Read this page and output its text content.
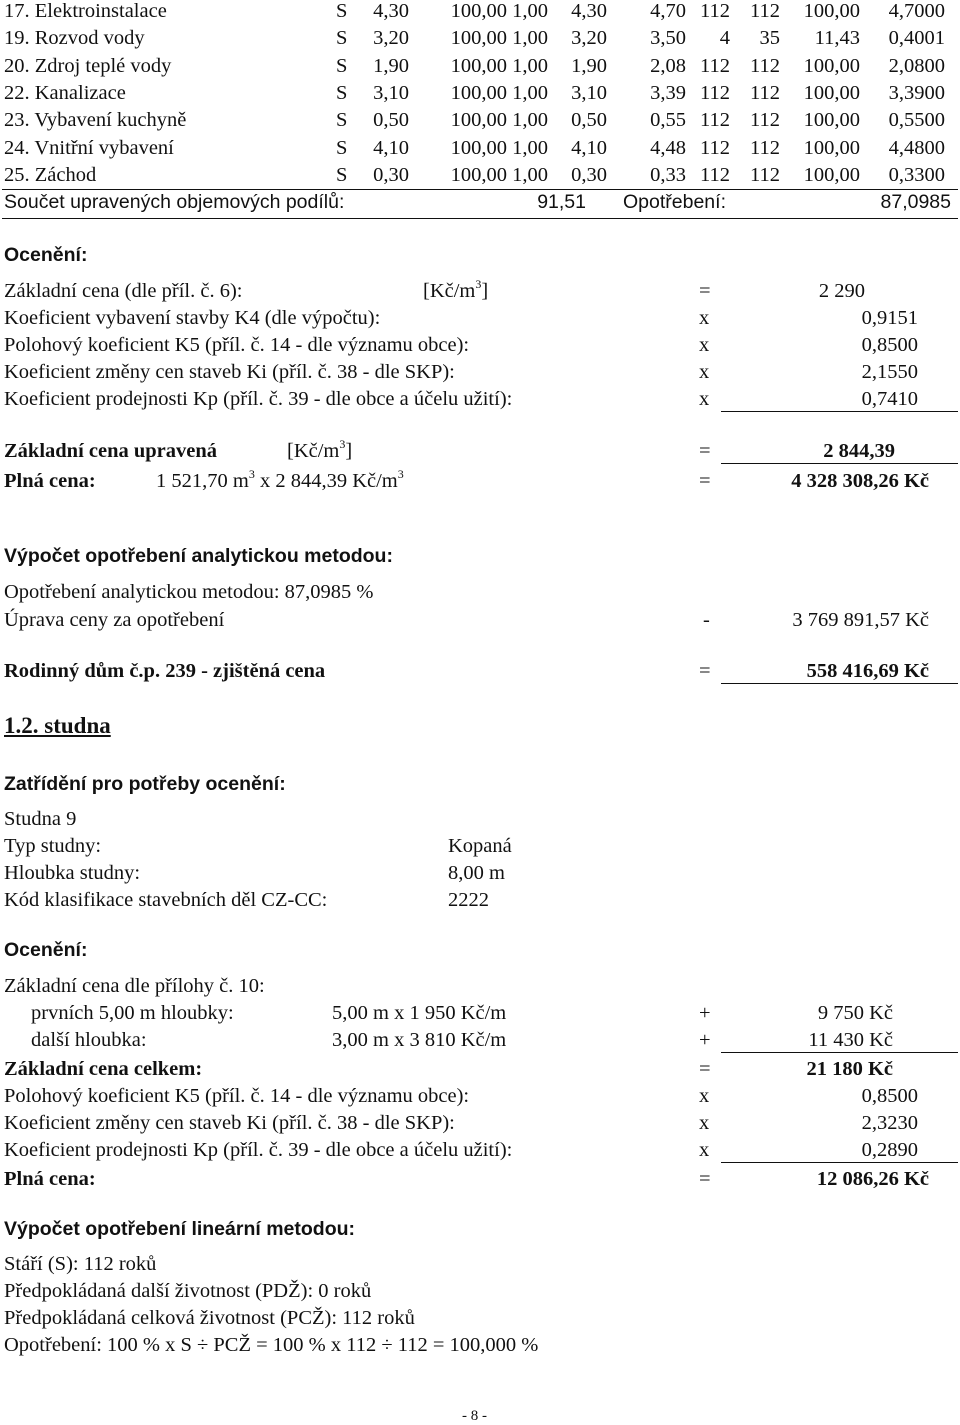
17. Elektroinstalace	S 4,30 100,00 1,00 4,30 4,70 112 112 100,00 4,7000
19. Rozvod vody	S 3,20 100,00 1,00 3,20 3,50 4 35 11,43 0,4001
20. Zdroj teplé vody	S 1,90 100,00 1,00 1,90 2,08 112 112 100,00 2,0800
22. Kanalizace	S 3,10 100,00 1,00 3,10 3,39 112 112 100,00 3,3900
23. Vybavení kuchyně	S 0,50 100,00 1,00 0,50 0,55 112 112 100,00 0,5500
24. Vnitřní vybavení	S 4,10 100,00 1,00 4,10 4,48 112 112 100,00 4,4800
25. Záchod	S 0,30 100,00 1,00 0,30 0,33 112 112 100,00 0,3300
Součet upravených objemových podílů:	91,51 Opotřebení:	87,0985
Ocenění:
Základní cena (dle příl. č. 6):	$[Kč/m^3]$	=	2 290
Koeficient vybavení stavby K4 (dle výpočtu):	x	0,9151
Polohový koeficient K5 (příl. č. 14 - dle významu obce):	x	0,8500
Koeficient změny cen staveb Ki (příl. č. 38 - dle SKP):	x	2,1550
Koeficient prodejnosti Kp (příl. č. 39 - dle obce a účelu užití):	x	0,7410
Základní cena upravená	$[Kč/m^3]$	=	2 844,39
Plná cena:	1 521,70 $m^3$ x 2 844,39 $Kč/m^3$	=	4 328 308,26 Kč
Výpočet opotřebení analytickou metodou:
Opotřebení analytickou metodou: 87,0985 %
Úprava ceny za opotřebení	-	3 769 891,57 Kč
Rodinný dům č.p. 239 - zjištěná cena	=	558 416,69 Kč
1.2. studna
Zatřídění pro potřeby ocenění:
Studna 9
Typ studny:	Kopaná
Hloubka studny:	8,00 m
Kód klasifikace stavebních děl CZ-CC:	2222
Ocenění:
Základní cena dle přílohy č. 10:
prvních 5,00 m hloubky:	5,00 m x 1 950 Kč/m	+	9 750 Kč
další hloubka:	3,00 m x 3 810 Kč/m	+	11 430 Kč
Základní cena celkem:	=	21 180 Kč
Polohový koeficient K5 (příl. č. 14 - dle významu obce):	x	0,8500
Koeficient změny cen staveb Ki (příl. č. 38 - dle SKP):	x	2,3230
Koeficient prodejnosti Kp (příl. č. 39 - dle obce a účelu užití):	x	0,2890
Plná cena:	=	12 086,26 Kč
Výpočet opotřebení lineární metodou:
Stáří (S): 112 roků
Předpokládaná další životnost (PDŽ): 0 roků
Předpokládaná celková životnost (PCŽ): 112 roků
Opotřebení: 100 % x S ÷ PCŽ = 100 % x 112 ÷ 112 = 100,000 %
- 8 -
